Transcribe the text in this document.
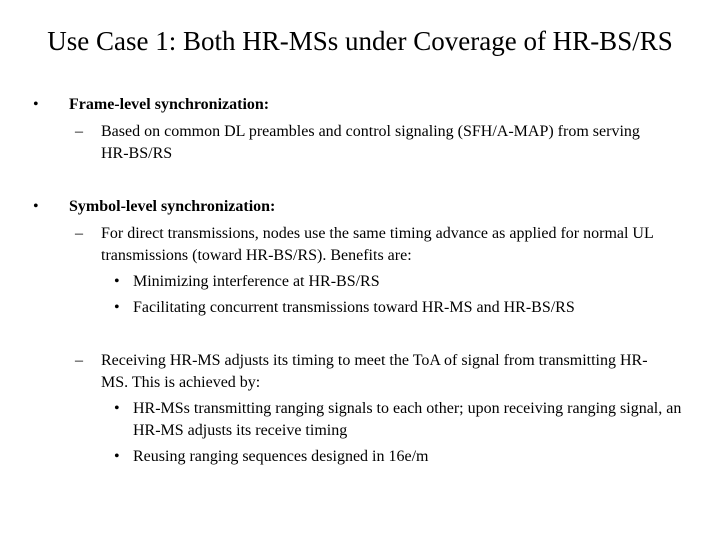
Use Case 1: Both HR-MSs under Coverage of HR-BS/RS
• Frame-level synchronization:
– Based on common DL preambles and control signaling (SFH/A-MAP) from serving HR-BS/RS
• Symbol-level synchronization:
– For direct transmissions, nodes use the same timing advance as applied for normal UL transmissions (toward HR-BS/RS). Benefits are:
• Minimizing interference at HR-BS/RS
• Facilitating concurrent transmissions toward HR-MS and HR-BS/RS
– Receiving HR-MS adjusts its timing to meet the ToA of signal from transmitting HR-MS. This is achieved by:
• HR-MSs transmitting ranging signals to each other; upon receiving ranging signal, an HR-MS adjusts its receive timing
• Reusing ranging sequences designed in 16e/m
